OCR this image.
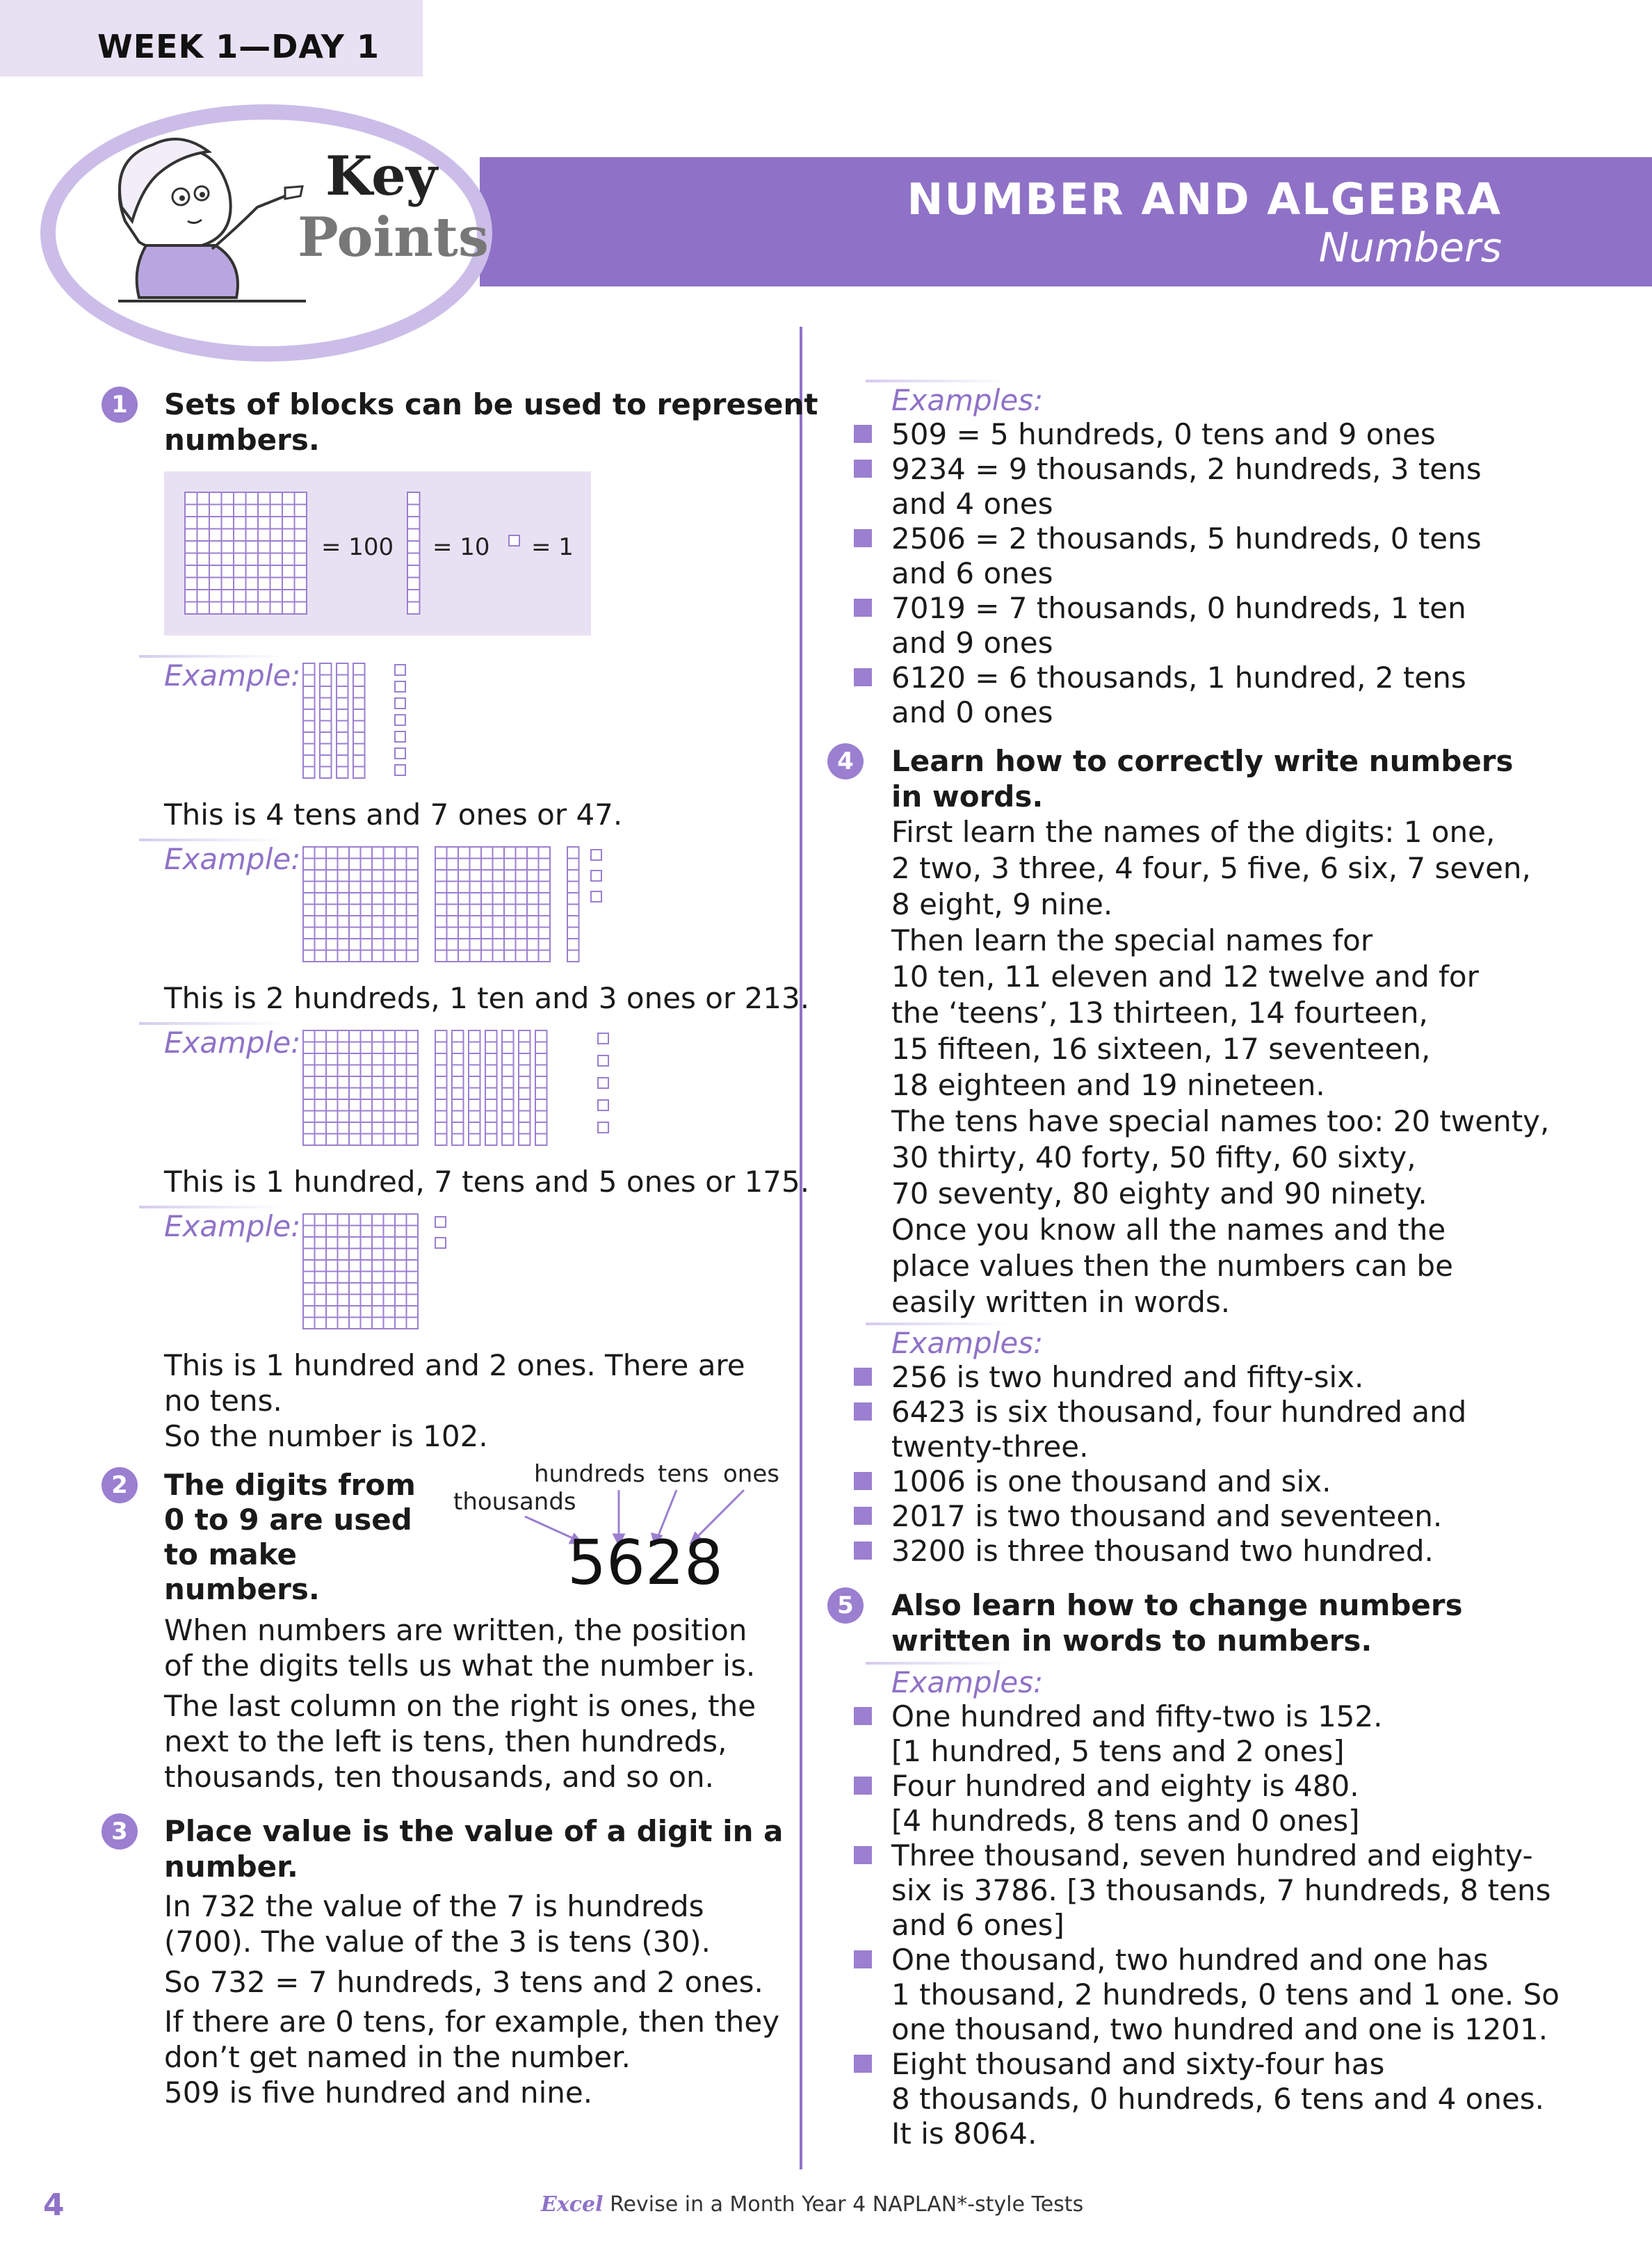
WEEK 1—DAY 1
NUMBER AND ALGEBRA
Numbers
Key
Points
1	Sets of blocks can be used to represent
numbers.
= 100 = 10 = 1
Example:
This is 4 tens and 7 ones or 47.
Example:
This is 2 hundreds, 1 ten and 3 ones or 213.
Example:
This is 1 hundred, 7 tens and 5 ones or 175.
Example:
This is 1 hundred and 2 ones. There are
no tens.
So the number is 102.
2	The digits from
0 to 9 are used
to make
numbers.
hundreds tens ones
thousands
5628
When numbers are written, the position
of the digits tells us what the number is.
The last column on the right is ones, the
next to the left is tens, then hundreds,
thousands, ten thousands, and so on.
3	Place value is the value of a digit in a
number.
In 732 the value of the 7 is hundreds
(700). The value of the 3 is tens (30).
So 732 = 7 hundreds, 3 tens and 2 ones.
If there are 0 tens, for example, then they
don’t get named in the number.
509 is five hundred and nine.
Examples:
509 = 5 hundreds, 0 tens and 9 ones
9234 = 9 thousands, 2 hundreds, 3 tens
and 4 ones
2506 = 2 thousands, 5 hundreds, 0 tens
and 6 ones
7019 = 7 thousands, 0 hundreds, 1 ten
and 9 ones
6120 = 6 thousands, 1 hundred, 2 tens
and 0 ones
4	Learn how to correctly write numbers
in words.
First learn the names of the digits: 1 one,
2 two, 3 three, 4 four, 5 five, 6 six, 7 seven,
8 eight, 9 nine.
Then learn the special names for
10 ten, 11 eleven and 12 twelve and for
the ‘teens’, 13 thirteen, 14 fourteen,
15 fifteen, 16 sixteen, 17 seventeen,
18 eighteen and 19 nineteen.
The tens have special names too: 20 twenty,
30 thirty, 40 forty, 50 fifty, 60 sixty,
70 seventy, 80 eighty and 90 ninety.
Once you know all the names and the
place values then the numbers can be
easily written in words.
Examples:
256 is two hundred and fifty-six.
6423 is six thousand, four hundred and
twenty-three.
1006 is one thousand and six.
2017 is two thousand and seventeen.
3200 is three thousand two hundred.
5	Also learn how to change numbers
written in words to numbers.
Examples:
One hundred and fifty-two is 152.
[1 hundred, 5 tens and 2 ones]
Four hundred and eighty is 480.
[4 hundreds, 8 tens and 0 ones]
Three thousand, seven hundred and eighty-
six is 3786. [3 thousands, 7 hundreds, 8 tens
and 6 ones]
One thousand, two hundred and one has
1 thousand, 2 hundreds, 0 tens and 1 one. So
one thousand, two hundred and one is 1201.
Eight thousand and sixty-four has
8 thousands, 0 hundreds, 6 tens and 4 ones.
It is 8064.
4	Excel Revise in a Month Year 4 NAPLAN*-style Tests
